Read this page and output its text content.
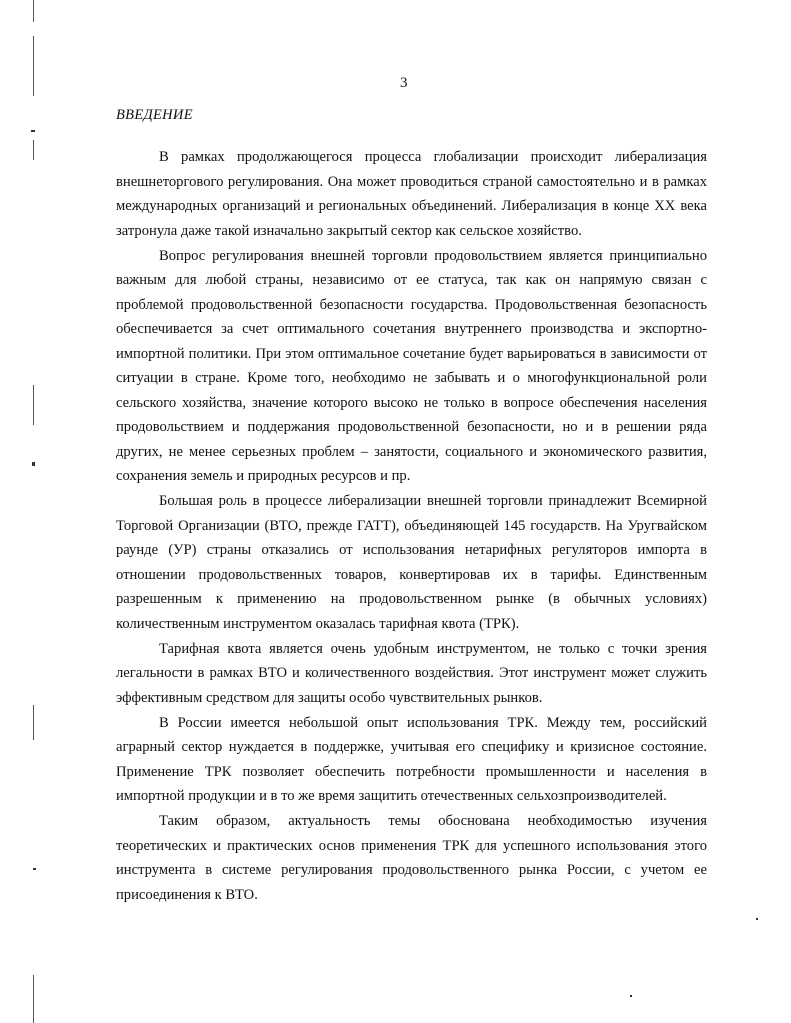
3
ВВЕДЕНИЕ

В рамках продолжающегося процесса глобализации происходит либерализация внешнеторгового регулирования. Она может проводиться страной самостоятельно и в рамках международных организаций и региональных объединений. Либерализация в конце XX века затронула даже такой изначально закрытый сектор как сельское хозяйство.

Вопрос регулирования внешней торговли продовольствием является принципиально важным для любой страны, независимо от ее статуса, так как он напрямую связан с проблемой продовольственной безопасности государства. Продовольственная безопасность обеспечивается за счет оптимального сочетания внутреннего производства и экспортно-импортной политики. При этом оптимальное сочетание будет варьироваться в зависимости от ситуации в стране. Кроме того, необходимо не забывать и о многофункциональной роли сельского хозяйства, значение которого высоко не только в вопросе обеспечения населения продовольствием и поддержания продовольственной безопасности, но и в решении ряда других, не менее серьезных проблем – занятости, социального и экономического развития, сохранения земель и природных ресурсов и пр.

Большая роль в процессе либерализации внешней торговли принадлежит Всемирной Торговой Организации (ВТО, прежде ГАТТ), объединяющей 145 государств. На Уругвайском раунде (УР) страны отказались от использования нетарифных регуляторов импорта в отношении продовольственных товаров, конвертировав их в тарифы. Единственным разрешенным к применению на продовольственном рынке (в обычных условиях) количественным инструментом оказалась тарифная квота (ТРК).

Тарифная квота является очень удобным инструментом, не только с точки зрения легальности в рамках ВТО и количественного воздействия. Этот инструмент может служить эффективным средством для защиты особо чувствительных рынков.

В России имеется небольшой опыт использования ТРК. Между тем, российский аграрный сектор нуждается в поддержке, учитывая его специфику и кризисное состояние. Применение ТРК позволяет обеспечить потребности промышленности и населения в импортной продукции и в то же время защитить отечественных сельхозпроизводителей.

Таким образом, актуальность темы обоснована необходимостью изучения теоретических и практических основ применения ТРК для успешного использования этого инструмента в системе регулирования продовольственного рынка России, с учетом ее присоединения к ВТО.
